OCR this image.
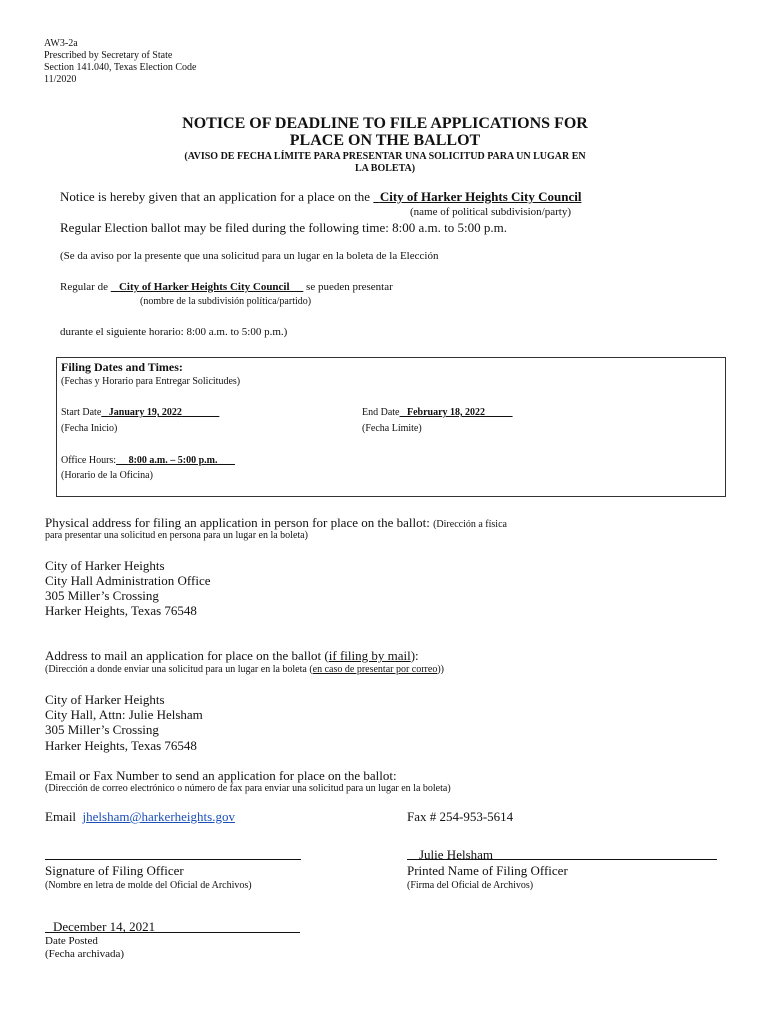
AW3-2a
Prescribed by Secretary of State
Section 141.040, Texas Election Code
11/2020
NOTICE OF DEADLINE TO FILE APPLICATIONS FOR
PLACE ON THE BALLOT
(AVISO DE FECHA LÍMITE PARA PRESENTAR UNA SOLICITUD PARA UN LUGAR EN
LA BOLETA)
Notice is hereby given that an application for a place on the City of Harker Heights City Council
(name of political subdivision/party)
Regular Election ballot may be filed during the following time: 8:00 a.m. to 5:00 p.m.
(Se da aviso por la presente que una solicitud para un lugar en la boleta de la Elección
Regular de City of Harker Heights City Council se pueden presentar
(nombre de la subdivisión política/partido)
durante el siguiente horario: 8:00 a.m. to 5:00 p.m.)
Filing Dates and Times:
(Fechas y Horario para Entregar Solicitudes)
Start Date January 19, 2022
(Fecha Inicio)
End Date February 18, 2022
(Fecha Límite)
Office Hours: 8:00 a.m. – 5:00 p.m.
(Horario de la Oficina)
Physical address for filing an application in person for place on the ballot: (Dirección a física
para presentar una solicitud en persona para un lugar en la boleta)
City of Harker Heights
City Hall Administration Office
305 Miller’s Crossing
Harker Heights, Texas 76548
Address to mail an application for place on the ballot (if filing by mail):
(Dirección a donde enviar una solicitud para un lugar en la boleta (en caso de presentar por correo))
City of Harker Heights
City Hall, Attn: Julie Helsham
305 Miller’s Crossing
Harker Heights, Texas 76548
Email or Fax Number to send an application for place on the ballot:
(Dirección de correo electrónico o número de fax para enviar una solicitud para un lugar en la boleta)
Email jhelsham@harkerheights.gov	Fax # 254-953-5614
Signature of Filing Officer
(Nombre en letra de molde del Oficial de Archivos)
Julie Helsham
Printed Name of Filing Officer
(Firma del Oficial de Archivos)
December 14, 2021
Date Posted
(Fecha archivada)
